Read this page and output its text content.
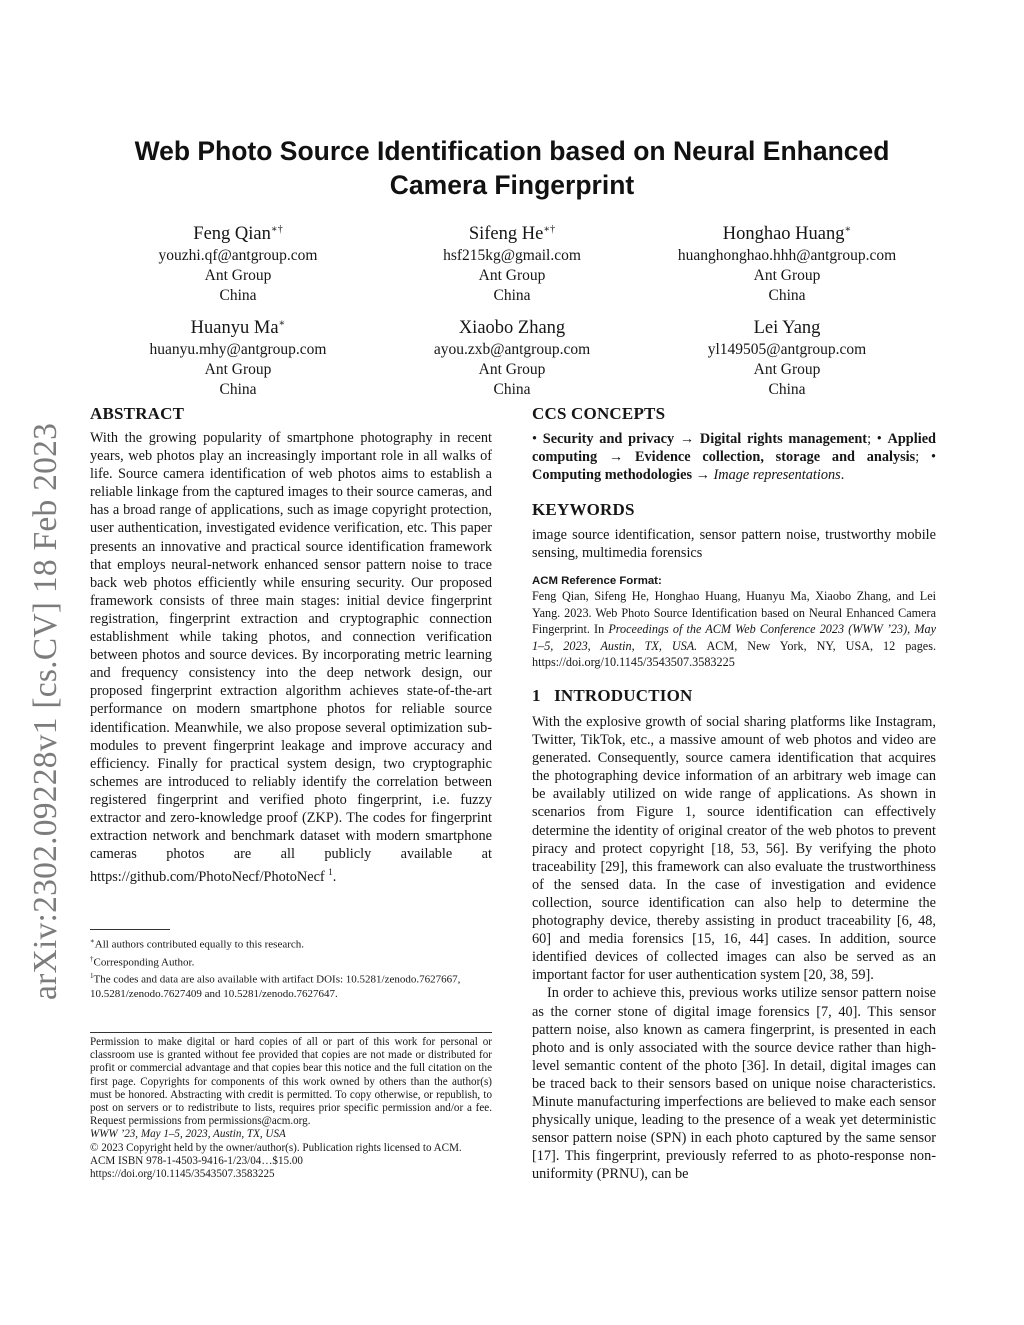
arXiv:2302.09228v1 [cs.CV] 18 Feb 2023
Web Photo Source Identification based on Neural Enhanced Camera Fingerprint
Feng Qian∗†
youzhi.qf@antgroup.com
Ant Group
China
Sifeng He∗†
hsf215kg@gmail.com
Ant Group
China
Honghao Huang∗
huanghonghao.hhh@antgroup.com
Ant Group
China
Huanyu Ma∗
huanyu.mhy@antgroup.com
Ant Group
China
Xiaobo Zhang
ayou.zxb@antgroup.com
Ant Group
China
Lei Yang
yl149505@antgroup.com
Ant Group
China
ABSTRACT

With the growing popularity of smartphone photography in recent years, web photos play an increasingly important role in all walks of life. Source camera identification of web photos aims to establish a reliable linkage from the captured images to their source cameras, and has a broad range of applications, such as image copyright protection, user authentication, investigated evidence verification, etc. This paper presents an innovative and practical source identification framework that employs neural-network enhanced sensor pattern noise to trace back web photos efficiently while ensuring security. Our proposed framework consists of three main stages: initial device fingerprint registration, fingerprint extraction and cryptographic connection establishment while taking photos, and connection verification between photos and source devices. By incorporating metric learning and frequency consistency into the deep network design, our proposed fingerprint extraction algorithm achieves state-of-the-art performance on modern smartphone photos for reliable source identification. Meanwhile, we also propose several optimization sub-modules to prevent fingerprint leakage and improve accuracy and efficiency. Finally for practical system design, two cryptographic schemes are introduced to reliably identify the correlation between registered fingerprint and verified photo fingerprint, i.e. fuzzy extractor and zero-knowledge proof (ZKP). The codes for fingerprint extraction network and benchmark dataset with modern smartphone cameras photos are all publicly available at https://github.com/PhotoNecf/PhotoNecf $^1$.

∗All authors contributed equally to this research.
†Corresponding Author.
$^1$The codes and data are also available with artifact DOIs: 10.5281/zenodo.7627667, 10.5281/zenodo.7627409 and 10.5281/zenodo.7627647.
Permission to make digital or hard copies of all or part of this work for personal or classroom use is granted without fee provided that copies are not made or distributed for profit or commercial advantage and that copies bear this notice and the full citation on the first page. Copyrights for components of this work owned by others than the author(s) must be honored. Abstracting with credit is permitted. To copy otherwise, or republish, to post on servers or to redistribute to lists, requires prior specific permission and/or a fee. Request permissions from permissions@acm.org.
WWW ’23, May 1–5, 2023, Austin, TX, USA
© 2023 Copyright held by the owner/author(s). Publication rights licensed to ACM.
ACM ISBN 978-1-4503-9416-1/23/04…$15.00
https://doi.org/10.1145/3543507.3583225
CCS CONCEPTS

• Security and privacy → Digital rights management; • Applied computing → Evidence collection, storage and analysis; • Computing methodologies → Image representations.

KEYWORDS
image source identification, sensor pattern noise, trustworthy mobile sensing, multimedia forensics
ACM Reference Format:
Feng Qian, Sifeng He, Honghao Huang, Huanyu Ma, Xiaobo Zhang, and Lei Yang. 2023. Web Photo Source Identification based on Neural Enhanced Camera Fingerprint. In Proceedings of the ACM Web Conference 2023 (WWW ’23), May 1–5, 2023, Austin, TX, USA. ACM, New York, NY, USA, 12 pages. https://doi.org/10.1145/3543507.3583225
1 INTRODUCTION

With the explosive growth of social sharing platforms like Instagram, Twitter, TikTok, etc., a massive amount of web photos and video are generated. Consequently, source camera identification that acquires the photographing device information of an arbitrary web image can be availably utilized on wide range of applications. As shown in scenarios from Figure 1, source identification can effectively determine the identity of original creator of the web photos to prevent piracy and protect copyright [18, 53, 56]. By verifying the photo traceability [29], this framework can also evaluate the trustworthiness of the sensed data. In the case of investigation and evidence collection, source identification can also help to determine the photography device, thereby assisting in product traceability [6, 48, 60] and media forensics [15, 16, 44] cases. In addition, source identified devices of collected images can also be served as an important factor for user authentication system [20, 38, 59].

In order to achieve this, previous works utilize sensor pattern noise as the corner stone of digital image forensics [7, 40]. This sensor pattern noise, also known as camera fingerprint, is presented in each photo and is only associated with the source device rather than high-level semantic content of the photo [36]. In detail, digital images can be traced back to their sensors based on unique noise characteristics. Minute manufacturing imperfections are believed to make each sensor physically unique, leading to the presence of a weak yet deterministic sensor pattern noise (SPN) in each photo captured by the same sensor [17]. This fingerprint, previously referred to as photo-response non-uniformity (PRNU), can be
